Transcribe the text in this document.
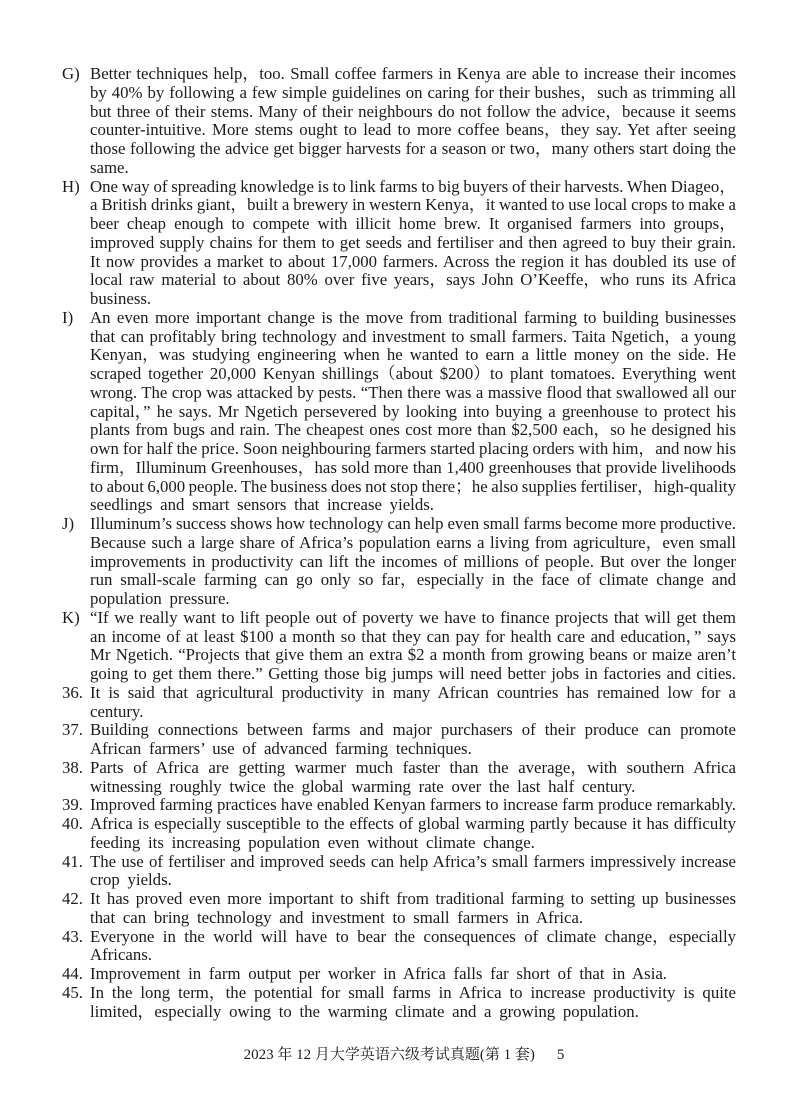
G) Better techniques help，too. Small coffee farmers in Kenya are able to increase their incomes
by 40% by following a few simple guidelines on caring for their bushes，such as trimming all
but three of their stems. Many of their neighbours do not follow the advice，because it seems
counter-intuitive. More stems ought to lead to more coffee beans，they say. Yet after seeing
those following the advice get bigger harvests for a season or two，many others start doing the
same.
H) One way of spreading knowledge is to link farms to big buyers of their harvests. When Diageo，
a British drinks giant，built a brewery in western Kenya，it wanted to use local crops to make a
beer cheap enough to compete with illicit home brew. It organised farmers into groups，
improved supply chains for them to get seeds and fertiliser and then agreed to buy their grain.
It now provides a market to about 17,000 farmers. Across the region it has doubled its use of
local raw material to about 80% over five years，says John O’Keeffe，who runs its Africa
business.
I) An even more important change is the move from traditional farming to building businesses
that can profitably bring technology and investment to small farmers. Taita Ngetich，a young
Kenyan，was studying engineering when he wanted to earn a little money on the side. He
scraped together 20,000 Kenyan shillings（about $200）to plant tomatoes. Everything went
wrong. The crop was attacked by pests. “Then there was a massive flood that swallowed all our
capital，” he says. Mr Ngetich persevered by looking into buying a greenhouse to protect his
plants from bugs and rain. The cheapest ones cost more than $2,500 each，so he designed his
own for half the price. Soon neighbouring farmers started placing orders with him，and now his
firm，Illuminum Greenhouses，has sold more than 1,400 greenhouses that provide livelihoods
to about 6,000 people. The business does not stop there；he also supplies fertiliser，high-quality
seedlings and smart sensors that increase yields.
J) Illuminum’s success shows how technology can help even small farms become more productive.
Because such a large share of Africa’s population earns a living from agriculture，even small
improvements in productivity can lift the incomes of millions of people. But over the longer
run small-scale farming can go only so far，especially in the face of climate change and
population pressure.
K) “If we really want to lift people out of poverty we have to finance projects that will get them
an income of at least $100 a month so that they can pay for health care and education，” says
Mr Ngetich. “Projects that give them an extra $2 a month from growing beans or maize aren’t
going to get them there.” Getting those big jumps will need better jobs in factories and cities.
36. It is said that agricultural productivity in many African countries has remained low for a
century.
37. Building connections between farms and major purchasers of their produce can promote
African farmers’ use of advanced farming techniques.
38. Parts of Africa are getting warmer much faster than the average，with southern Africa
witnessing roughly twice the global warming rate over the last half century.
39. Improved farming practices have enabled Kenyan farmers to increase farm produce remarkably.
40. Africa is especially susceptible to the effects of global warming partly because it has difficulty
feeding its increasing population even without climate change.
41. The use of fertiliser and improved seeds can help Africa’s small farmers impressively increase
crop yields.
42. It has proved even more important to shift from traditional farming to setting up businesses
that can bring technology and investment to small farmers in Africa.
43. Everyone in the world will have to bear the consequences of climate change，especially
Africans.
44. Improvement in farm output per worker in Africa falls far short of that in Asia.
45. In the long term，the potential for small farms in Africa to increase productivity is quite
limited，especially owing to the warming climate and a growing population.
2023 年 12 月大学英语六级考试真题(第 1 套) 5
